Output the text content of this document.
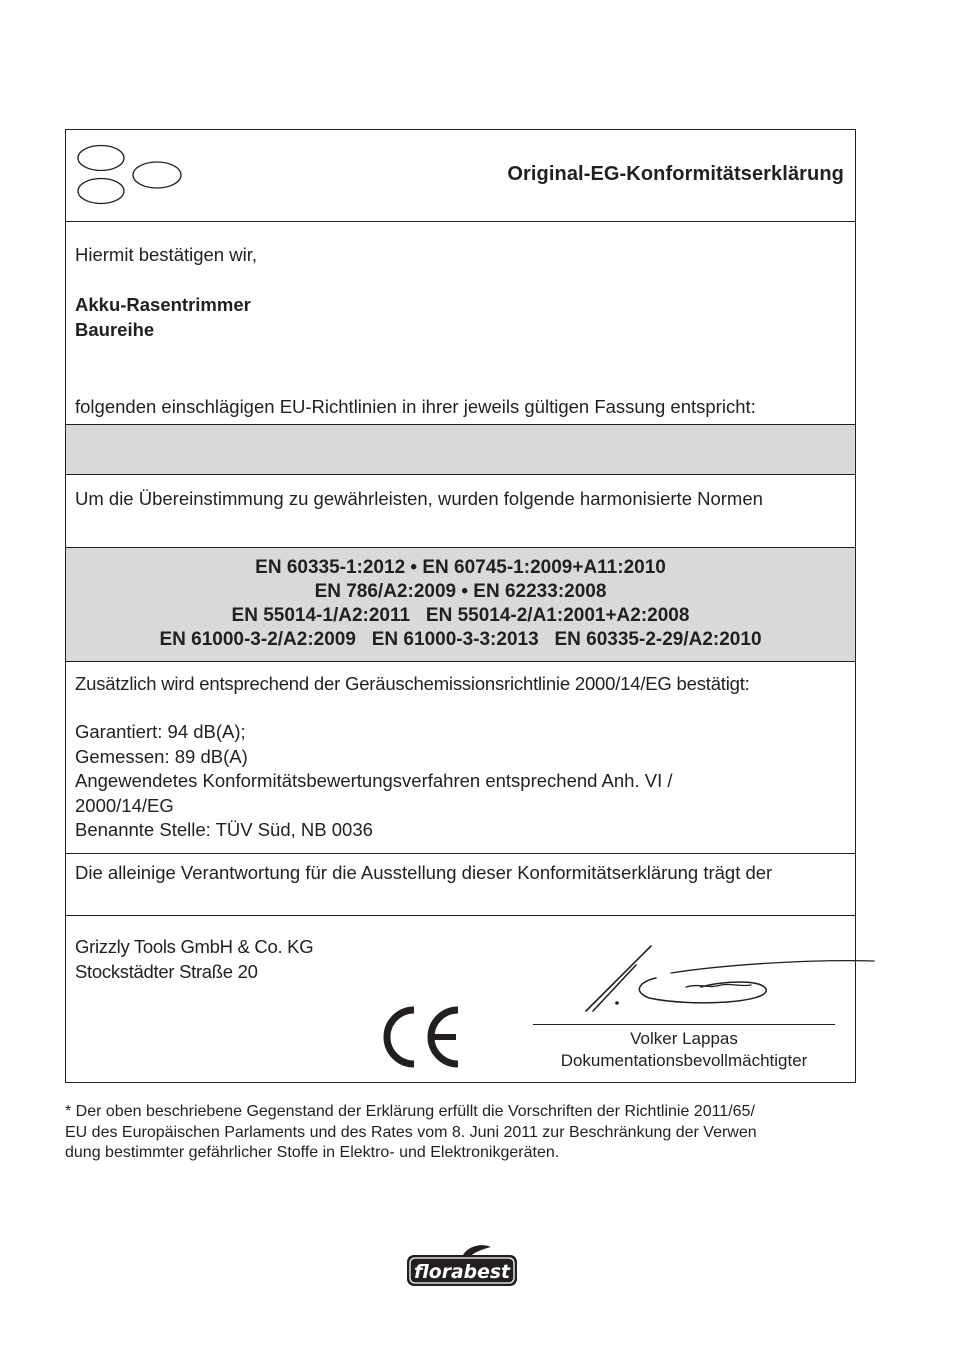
Original-EG-Konformitätserklärung
Hiermit bestätigen wir,
Akku-Rasentrimmer
Baureihe
folgenden einschlägigen EU-Richtlinien in ihrer jeweils gültigen Fassung entspricht:
Um die Übereinstimmung zu gewährleisten, wurden folgende harmonisierte Normen
EN 60335-1:2012 • EN 60745-1:2009+A11:2010
EN 786/A2:2009 • EN 62233:2008
EN 55014-1/A2:2011   EN 55014-2/A1:2001+A2:2008
EN 61000-3-2/A2:2009   EN 61000-3-3:2013   EN 60335-2-29/A2:2010
Zusätzlich wird entsprechend der Geräuschemissionsrichtlinie 2000/14/EG bestätigt:
Garantiert: 94 dB(A);
Gemessen: 89 dB(A)
Angewendetes Konformitätsbewertungsverfahren entsprechend Anh. VI /
2000/14/EG
Benannte Stelle: TÜV Süd, NB 0036
Die alleinige Verantwortung für die Ausstellung dieser Konformitätserklärung trägt der
Grizzly Tools GmbH & Co. KG
Stockstädter Straße 20
CE
Volker Lappas
Dokumentationsbevollmächtigter
* Der oben beschriebene Gegenstand der Erklärung erfüllt die Vorschriften der Richtlinie 2011/65/
EU des Europäischen Parlaments und des Rates vom 8. Juni 2011 zur Beschränkung der Verwen
dung bestimmter gefährlicher Stoffe in Elektro- und Elektronikgeräten.
florabest
